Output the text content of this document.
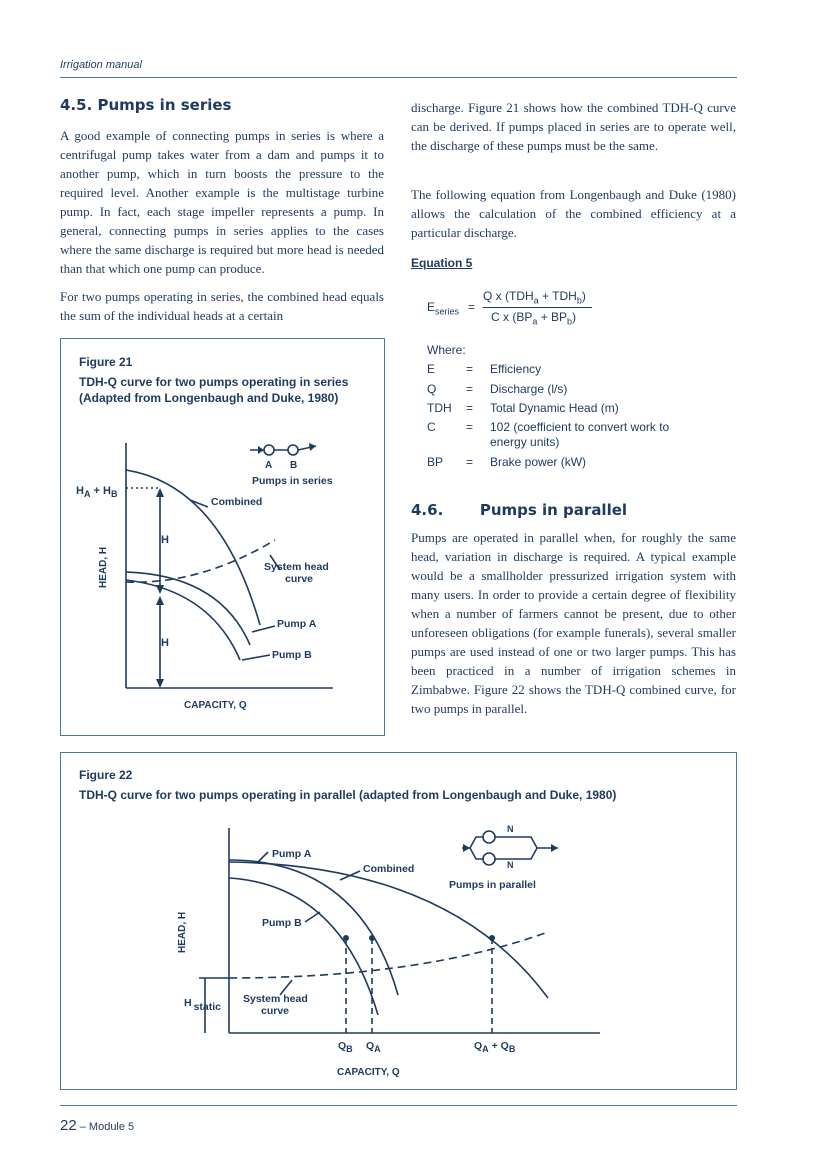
Irrigation manual
4.5. Pumps in series

A good example of connecting pumps in series is where a centrifugal pump takes water from a dam and pumps it to another pump, which in turn boosts the pressure to the required level. Another example is the multistage turbine pump. In fact, each stage impeller represents a pump. In general, connecting pumps in series applies to the cases where the same discharge is required but more head is needed than that which one pump can produce.

For two pumps operating in series, the combined head equals the sum of the individual heads at a certain

discharge. Figure 21 shows how the combined TDH-Q curve can be derived. If pumps placed in series are to operate well, the discharge of these pumps must be the same.

The following equation from Longenbaugh and Duke (1980) allows the calculation of the combined efficiency at a particular discharge.

Equation 5
$E_{series}$ =
Q x $(TDH_a + TDH_b)$
C x $(BP_a + BP_b)$
Where:
E	= Efficiency
Q = Discharge (l/s)
TDH = Total Dynamic Head (m)
C	= 102 (coefficient to convert work to
energy units)
BP = Brake power (kW)
4.6.       Pumps in parallel

Pumps are operated in parallel when, for roughly the same head, variation in discharge is required. A typical example would be a smallholder pressurized irrigation system with many users. In order to provide a certain degree of flexibility when a number of farmers cannot be present, due to other unforeseen obligations (for example funerals), several smaller pumps are used instead of one or two larger pumps. This has been practiced in a number of irrigation schemes in Zimbabwe. Figure 22 shows the TDH-Q combined curve, for two pumps in parallel.

Figure 21
TDH-Q curve for two pumps operating in series
(Adapted from Longenbaugh and Duke, 1980)
$H_A + H_B$
H
H
HEAD, H
CAPACITY, Q
Combined
System head
curve
Pump A
Pump B
A B
Pumps in series
Figure 22
TDH-Q curve for two pumps operating in parallel (adapted from Longenbaugh and Duke, 1980)
HEAD, H
CAPACITY, Q
Pump A
Combined
Pump B
System head
curve
H static
QB QA	QA + QB
N
N
Pumps in parallel
22 – Module 5
